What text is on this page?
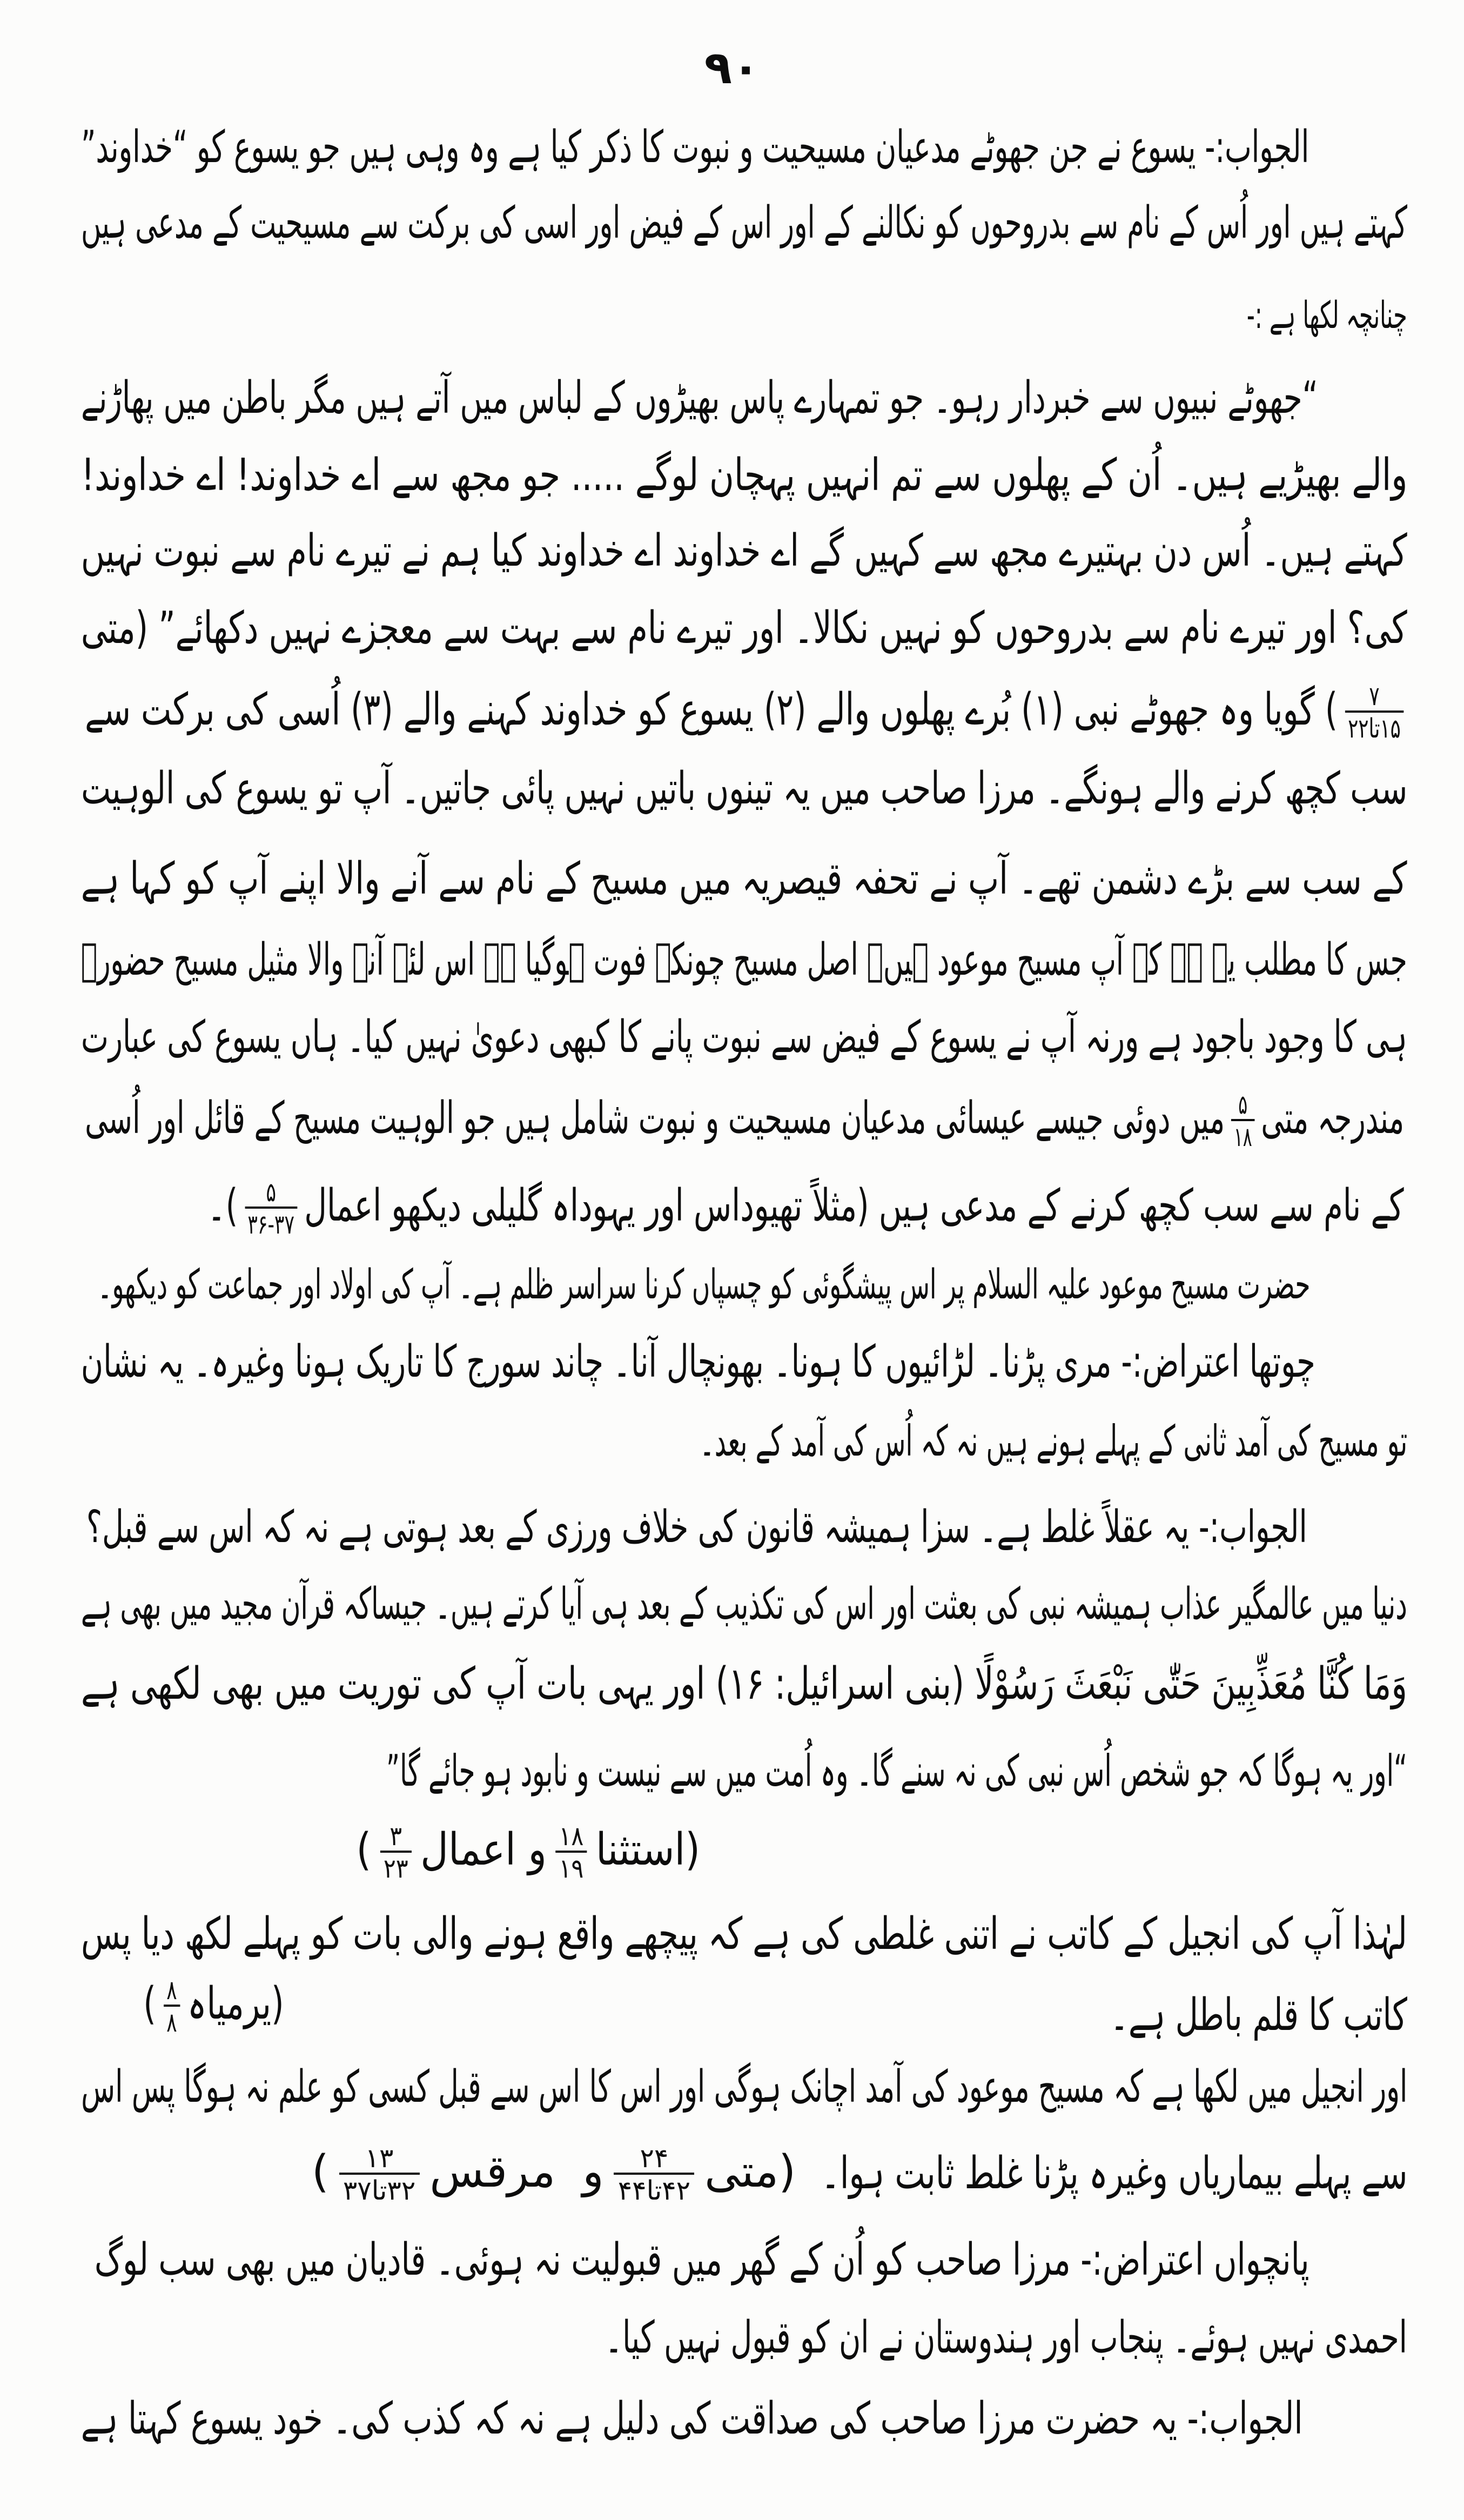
۹۰
الجواب:- یسوع نے جن جھوٹے مدعیان مسیحیت و نبوت کا ذکر کیا ہے وہ وہی ہیں جو یسوع کو “خداوند”
کہتے ہیں اور اُس کے نام سے بدروحوں کو نکالنے کے اور اس کے فیض اور اسی کی برکت سے مسیحیت کے مدعی ہیں
چنانچہ لکھا ہے :-
“جھوٹے نبیوں سے خبردار رہو۔ جو تمہارے پاس بھیڑوں کے لباس میں آتے ہیں مگر باطن میں پھاڑنے
والے بھیڑیے ہیں۔ اُن کے پھلوں سے تم انہیں پہچان لوگے ..... جو مجھ سے اے خداوند! اے خداوند!
کہتے ہیں۔ اُس دن بہتیرے مجھ سے کہیں گے اے خداوند اے خداوند کیا ہم نے تیرے نام سے نبوت نہیں
کی؟ اور تیرے نام سے بدروحوں کو نہیں نکالا۔ اور تیرے نام سے بہت سے معجزے نہیں دکھائے” (متی
$\frac{۷}{\text{۱۵تا۲۲}}$
) گویا وہ جھوٹے نبی (۱) بُرے پھلوں والے (۲) یسوع کو خداوند کہنے والے (۳) اُسی کی برکت سے
سب کچھ کرنے والے ہونگے۔ مرزا صاحب میں یہ تینوں باتیں نہیں پائی جاتیں۔ آپ تو یسوع کی الوہیت
کے سب سے بڑے دشمن تھے۔ آپ نے تحفہ قیصریہ میں مسیح کے نام سے آنے والا اپنے آپ کو کہا ہے
جس کا مطلب یہ ہے کہ آپ مسیح موعود ہیں۔ اصل مسیح چونکہ فوت ہوگیا ہے اس لئے آنے والا مثیل مسیح حضورؑ
ہی کا وجود باجود ہے ورنہ آپ نے یسوع کے فیض سے نبوت پانے کا کبھی دعویٰ نہیں کیا۔ ہاں یسوع کی عبارت
مندرجہ متی
$\frac{۵}{۱۸}$
میں دوئی جیسے عیسائی مدعیان مسیحیت و نبوت شامل ہیں جو الوہیت مسیح کے قائل اور اُسی
کے نام سے سب کچھ کرنے کے مدعی ہیں (مثلاً تھیوداس اور یہوداہ گلیلی دیکھو اعمال
$\frac{۵}{۳۶-۳۷}$
)۔
حضرت مسیح موعود علیہ السلام پر اس پیشگوئی کو چسپاں کرنا سراسر ظلم ہے۔ آپ کی اولاد اور جماعت کو دیکھو۔
چوتھا اعتراض:- مری پڑنا۔ لڑائیوں کا ہونا۔ بھونچال آنا۔ چاند سورج کا تاریک ہونا وغیرہ۔ یہ نشان
تو مسیح کی آمد ثانی کے پہلے ہونے ہیں نہ کہ اُس کی آمد کے بعد۔
الجواب:- یہ عقلاً غلط ہے۔ سزا ہمیشہ قانون کی خلاف ورزی کے بعد ہوتی ہے نہ کہ اس سے قبل؟
دنیا میں عالمگیر عذاب ہمیشہ نبی کی بعثت اور اس کی تکذیب کے بعد ہی آیا کرتے ہیں۔ جیساکہ قرآن مجید میں بھی ہے
وَمَا كُنَّا مُعَذِّبِينَ حَتّٰى نَبْعَثَ رَسُوْلًا (بنی اسرائیل: ۱۶) اور یہی بات آپ کی توریت میں بھی لکھی ہے
“اور یہ ہوگا کہ جو شخص اُس نبی کی نہ سنے گا۔ وہ اُمت میں سے نیست و نابود ہو جائے گا”
(استثنا
$\frac{۱۸}{۱۹}$
و اعمال
$\frac{۳}{۲۳}$
)
لہٰذا آپ کی انجیل کے کاتب نے اتنی غلطی کی ہے کہ پیچھے واقع ہونے والی بات کو پہلے لکھ دیا پس
کاتب کا قلم باطل ہے۔
(یرمیاہ
$\frac{۸}{۸}$
)
اور انجیل میں لکھا ہے کہ مسیح موعود کی آمد اچانک ہوگی اور اس کا اس سے قبل کسی کو علم نہ ہوگا پس اس
سے پہلے بیماریاں وغیرہ پڑنا غلط ثابت ہوا۔
(متی
$\frac{۲۴}{\text{۴۲تا۴۴}}$
و مرقس
$\frac{۱۳}{\text{۳۲تا۳۷}}$
)
پانچواں اعتراض:- مرزا صاحب کو اُن کے گھر میں قبولیت نہ ہوئی۔ قادیان میں بھی سب لوگ
احمدی نہیں ہوئے۔ پنجاب اور ہندوستان نے ان کو قبول نہیں کیا۔
الجواب:- یہ حضرت مرزا صاحب کی صداقت کی دلیل ہے نہ کہ کذب کی۔ خود یسوع کہتا ہے
